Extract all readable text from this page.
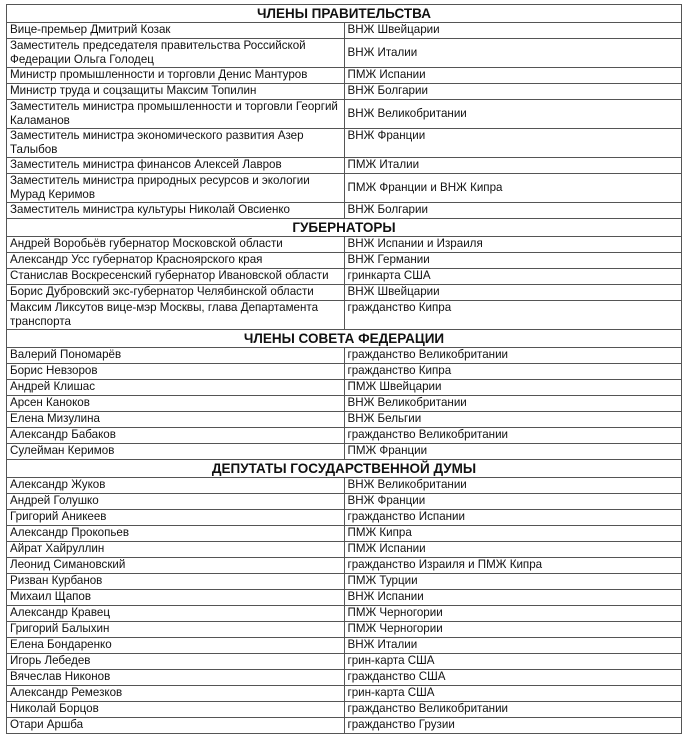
ЧЛЕНЫ ПРАВИТЕЛЬСТВА	
Вице-премьер Дмитрий Козак	ВНЖ Швейцарии
Заместитель председателя правительства Российской Федерации Ольга Голодец	ВНЖ Италии
Министр промышленности и торговли Денис Мантуров	ПМЖ Испании
Министр труда и соцзащиты Максим Топилин	ВНЖ Болгарии
Заместитель министра промышленности и торговли Георгий Каламанов	ВНЖ Великобритании
Заместитель министра экономического развития Азер Талыбов	ВНЖ Франции
Заместитель министра финансов Алексей Лавров	ПМЖ Италии
Заместитель министра природных ресурсов и экологии Мурад Керимов	ПМЖ Франции и ВНЖ Кипра
Заместитель министра культуры Николай Овсиенко	ВНЖ Болгарии
ГУБЕРНАТОРЫ	
Андрей Воробьёв губернатор Московской области	ВНЖ Испании и Израиля
Александр Усс губернатор Красноярского края	ВНЖ Германии
Станислав Воскресенский губернатор Ивановской области	гринкарта США
Борис Дубровский экс-губернатор Челябинской области	ВНЖ Швейцарии
Максим Ликсутов вице-мэр Москвы, глава Департамента транспорта	гражданство Кипра
ЧЛЕНЫ СОВЕТА ФЕДЕРАЦИИ	
Валерий Пономарёв	гражданство Великобритании
Борис Невзоров	гражданство Кипра
Андрей Клишас	ПМЖ Швейцарии
Арсен Каноков	ВНЖ Великобритании
Елена Мизулина	ВНЖ Бельгии
Александр Бабаков	гражданство Великобритании
Сулейман Керимов	ПМЖ Франции
ДЕПУТАТЫ ГОСУДАРСТВЕННОЙ ДУМЫ	
Александр Жуков	ВНЖ Великобритании
Андрей Голушко	ВНЖ Франции
Григорий Аникеев	гражданство Испании
Александр Прокопьев	ПМЖ Кипра
Айрат Хайруллин	ПМЖ Испании
Леонид Симановский	гражданство Израиля и ПМЖ Кипра
Ризван Курбанов	ПМЖ Турции
Михаил Щапов	ВНЖ Испании
Александр Кравец	ПМЖ Черногории
Григорий Балыхин	ПМЖ Черногории
Елена Бондаренко	ВНЖ Италии
Игорь Лебедев	грин-карта США
Вячеслав Никонов	гражданство США
Александр Ремезков	грин-карта США
Николай Борцов	гражданство Великобритании
Отари Аршба	гражданство Грузии
